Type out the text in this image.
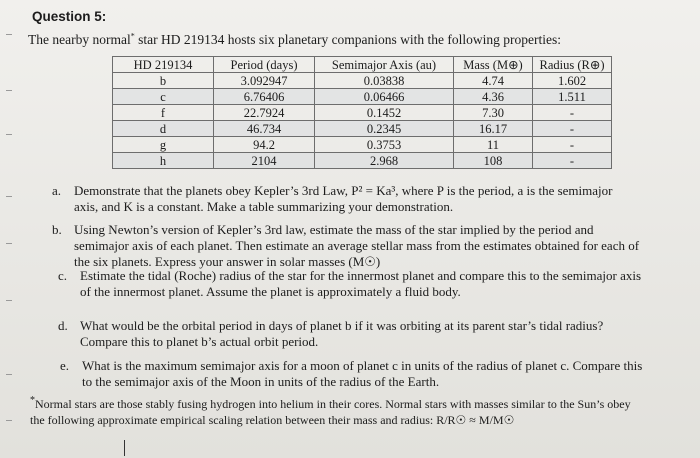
Question 5:
The nearby normal* star HD 219134 hosts six planetary companions with the following properties:
HD 219134	Period (days)	Semimajor Axis (au)	Mass (M⊕)	Radius (R⊕)
b	3.092947	0.03838	4.74	1.602
c	6.76406	0.06466	4.36	1.511
f	22.7924	0.1452	7.30	-
d	46.734	0.2345	16.17	-
g	94.2	0.3753	11	-
h	2104	2.968	108	-
a. Demonstrate that the planets obey Kepler’s 3rd Law, P² = Ka³, where P is the period, a is the semimajor
axis, and K is a constant. Make a table summarizing your demonstration.
b. Using Newton’s version of Kepler’s 3rd law, estimate the mass of the star implied by the period and
semimajor axis of each planet. Then estimate an average stellar mass from the estimates obtained for each of
the six planets. Express your answer in solar masses (M☉)
c. Estimate the tidal (Roche) radius of the star for the innermost planet and compare this to the semimajor axis
of the innermost planet. Assume the planet is approximately a fluid body.
d. What would be the orbital period in days of planet b if it was orbiting at its parent star’s tidal radius?
Compare this to planet b’s actual orbit period.
e. What is the maximum semimajor axis for a moon of planet c in units of the radius of planet c. Compare this
to the semimajor axis of the Moon in units of the radius of the Earth.
*Normal stars are those stably fusing hydrogen into helium in their cores. Normal stars with masses similar to the Sun’s obey
the following approximate empirical scaling relation between their mass and radius: R/R☉ ≈ M/M☉
